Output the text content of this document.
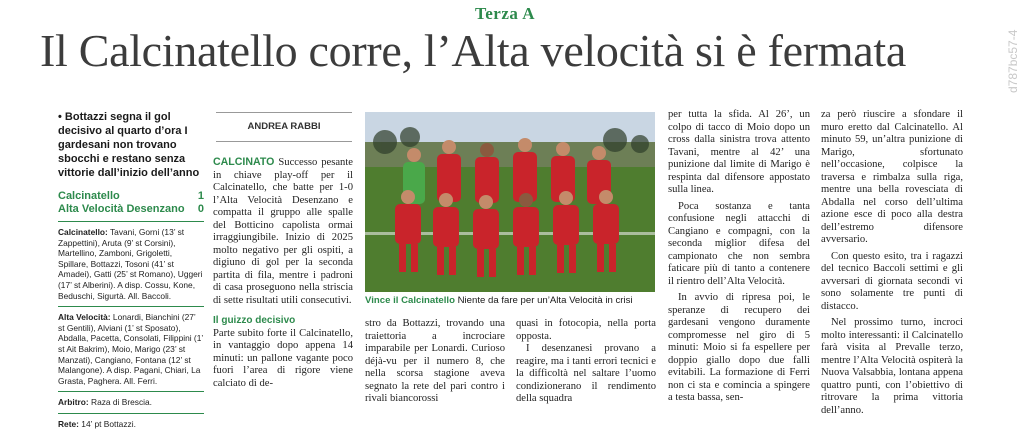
Terza A
Il Calcinatello corre, l’Alta velocità si è fermata	d787bc57-4
• Bottazzi segna il gol decisivo al quarto d’ora I gardesani non trovano sbocchi e restano senza vittorie dall’inizio dell’anno
Calcinatello	1
Alta Velocità Desenzano 0
Calcinatello: Tavani, Gorni (13’ st Zappettini), Aruta (9’ st Corsini), Martellino, Zamboni, Grigoletti, Spillare, Bottazzi, Tosoni (41’ st Amadei), Gatti (25’ st Romano), Uggeri (17’ st Alberini). A disp. Cossu, Kone, Beduschi, Sigurtà. All. Baccoli.
Alta Velocità: Lonardi, Bianchini (27’ st Gentili), Alviani (1’ st Sposato), Abdalla, Pacetta, Consolati, Filippini (1’ st Ait Bakrim), Moio, Marigo (23’ st Manzati), Cangiano, Fontana (12’ st Malangone). A disp. Pagani, Chiari, La Grasta, Paghera. All. Ferri.
Arbitro: Raza di Brescia.
Rete: 14’ pt Bottazzi.
ANDREA RABBI

CALCINATO Successo pesante in chiave play-off per il Calcinatello, che batte per 1-0 l’Alta Velocità Desenzano e compatta il gruppo alle spalle del Botticino capolista ormai irraggiungibile. Inizio di 2025 molto negativo per gli ospiti, a digiuno di gol per la seconda partita di fila, mentre i padroni di casa proseguono nella striscia di sette risultati utili consecutivi.

Il guizzo decisivo

Parte subito forte il Calcinatello, in vantaggio dopo appena 14 minuti: un pallone vagante poco fuori l’area di rigore viene calciato di de-

Vince il Calcinatello Niente da fare per un’Alta Velocità in crisi

stro da Bottazzi, trovando una traiettoria a incrociare imparabile per Lonardi. Curioso déjà-vu per il numero 8, che nella scorsa stagione aveva segnato la rete del pari contro i rivali biancorossi

quasi in fotocopia, nella porta opposta.

I desenzanesi provano a reagire, ma i tanti errori tecnici e la difficoltà nel saltare l’uomo condizionerano il rendimento della squadra

per tutta la sfida. Al 26’, un colpo di tacco di Moio dopo un cross dalla sinistra trova attento Tavani, mentre al 42’ una punizione dal limite di Marigo è respinta dal difensore appostato sulla linea.

Poca sostanza e tanta confusione negli attacchi di Cangiano e compagni, con la seconda miglior difesa del campionato che non sembra faticare più di tanto a contenere il rientro dell’Alta Velocità.

In avvio di ripresa poi, le speranze di recupero dei gardesani vengono duramente compromesse nel giro di 5 minuti: Moio si fa espellere per doppio giallo dopo due falli evitabili. La formazione di Ferri non ci sta e comincia a spingere a testa bassa, sen-

za però riuscire a sfondare il muro eretto dal Calcinatello. Al minuto 59, un’altra punizione di Marigo, sfortunato nell’occasione, colpisce la traversa e rimbalza sulla riga, mentre una bella rovesciata di Abdalla nel corso dell’ultima azione esce di poco alla destra dell’estremo difensore avversario.

Con questo esito, tra i ragazzi del tecnico Baccoli settimi e gli avversari di giornata secondi vi sono solamente tre punti di distacco.

Nel prossimo turno, incroci molto interessanti: il Calcinatello farà visita al Prevalle terzo, mentre l’Alta Velocità ospiterà la Nuova Valsabbia, lontana appena quattro punti, con l’obiettivo di ritrovare la prima vittoria dell’anno.
